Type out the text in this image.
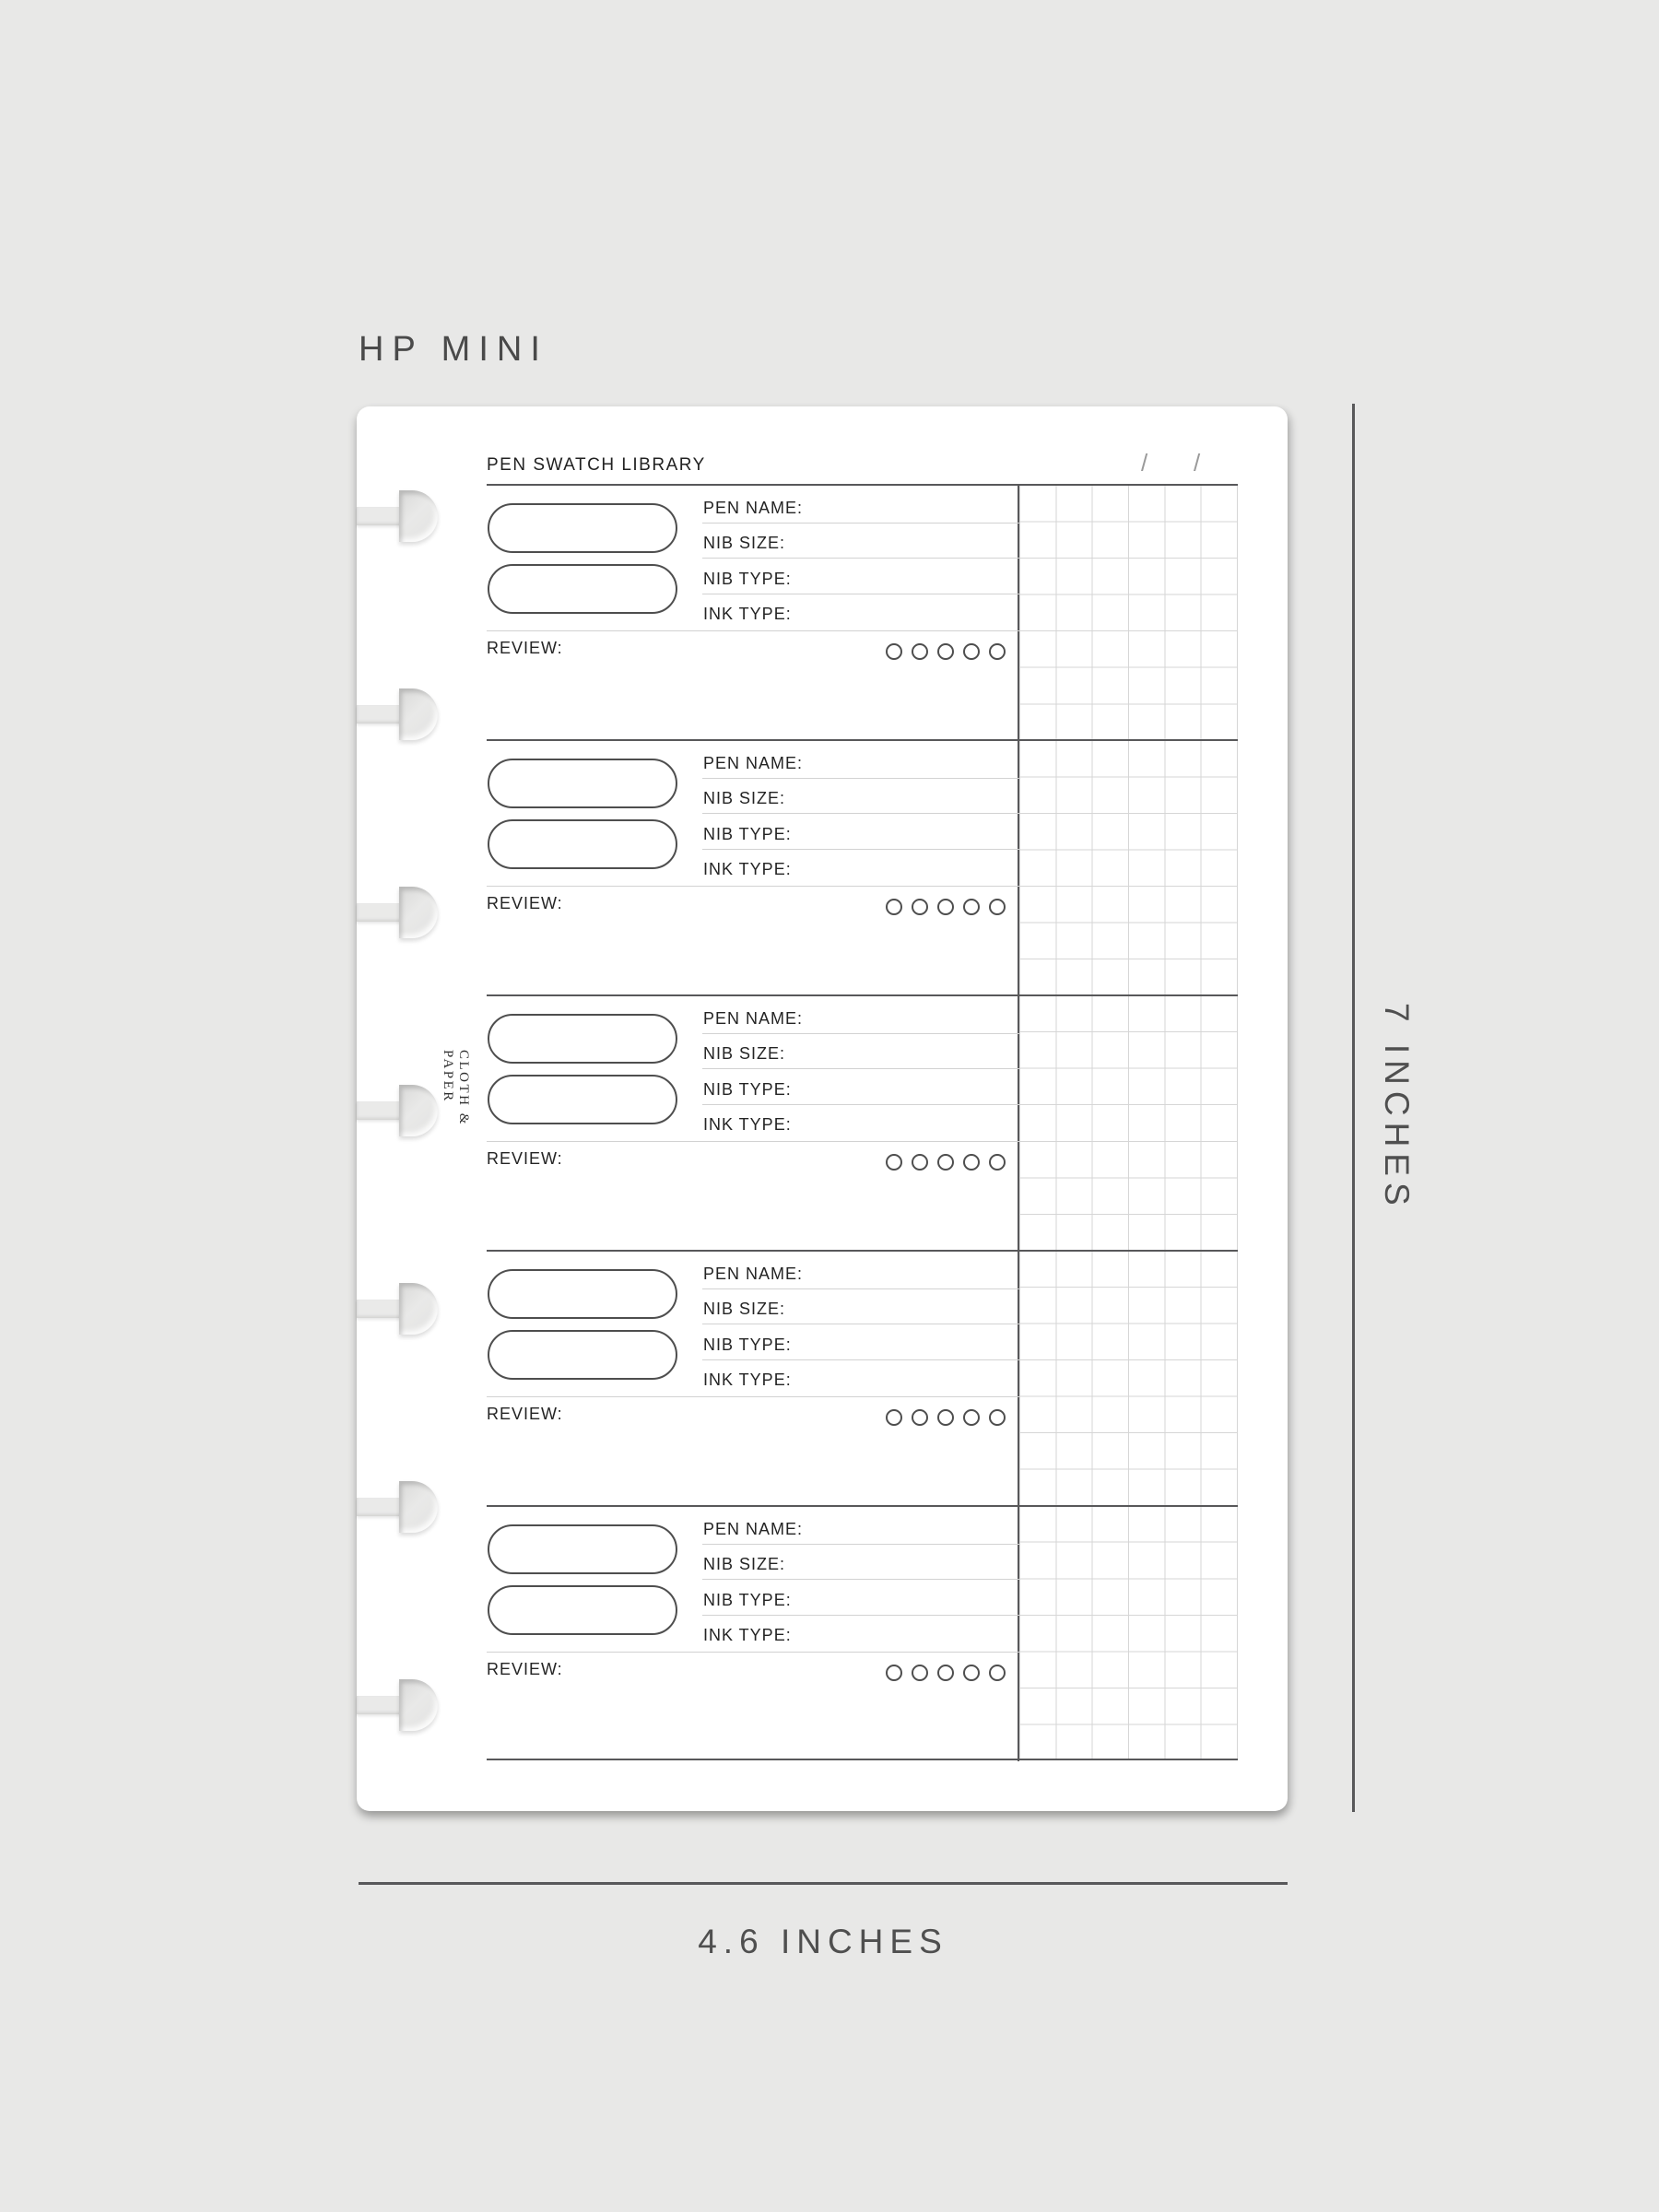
HP MINI
7 INCHES
4.6 INCHES
PEN SWATCH LIBRARY	/ /
CLOTH & PAPER
PEN NAME:
NIB SIZE:
NIB TYPE:
INK TYPE:
REVIEW:
PEN NAME:
NIB SIZE:
NIB TYPE:
INK TYPE:
REVIEW:
PEN NAME:
NIB SIZE:
NIB TYPE:
INK TYPE:
REVIEW:
PEN NAME:
NIB SIZE:
NIB TYPE:
INK TYPE:
REVIEW:
PEN NAME:
NIB SIZE:
NIB TYPE:
INK TYPE:
REVIEW:
